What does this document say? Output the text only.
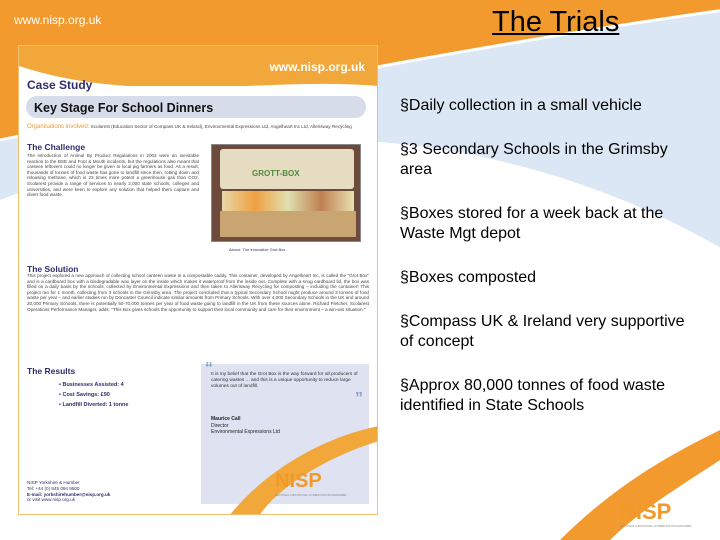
www.nisp.org.uk	The Trials
www.nisp.org.uk
Case Study
Key Stage For School Dinners
Organisations involved: Scolarest (Education Sector of Compass UK & Ireland), Environmental Expressions Ltd, Angelheart Inc Ltd, Allerisway Recycling
The Challenge
The introduction of Animal By Product Regulations in 2003 were an inevitable reaction to the BSE and Foot & Mouth incidents, but the regulations also meant that canteen leftovers could no longer be given to local pig farmers as food. As a result, thousands of tonnes of food waste has gone to landfill since then, rotting down and releasing methane, which is 23 times more potent a greenhouse gas than CO2. Scolarest provide a range of services to nearly 2,000 state schools, colleges and universities, and were keen to explore any solution that helped them capture and divert food waste.
GROTT-BOX
Above: The innovative Grot Box
The Solution
This project explored a new approach of collecting school canteen waste in a compostable caddy. This container, developed by Angelheart Inc, is called the "Grot Box" and is a cardboard box with a biodegradable wax layer on the inside which makes it waterproof from the inside out. Complete with a snug cardboard lid, the box was filled on a daily basis by the schools, collected by Environmental Expressions and then taken to Allerisway Recycling for composting – including the container! This project ran for 1 month, collecting from 3 schools in the Grimsby area. The project concluded that a typical Secondary School might produce around 3 tonnes of food waste per year – and earlier studies run by Doncaster Council indicate similar amounts from Primary Schools. With over 4,000 Secondary Schools in the UK and around 20,000 Primary Schools, there is potentially 50-70,000 tonnes per year of food waste going to landfill in the UK from these sources alone. Richard Fletcher, Scolarest Operations Performance Manager, adds: "This Box gives schools the opportunity to support their local community and care for their environment – a win-win situation."
The Results
• Businesses Assisted: 4
• Cost Savings: £90
• Landfill Diverted: 1 tonne
“
It is my belief that the Grot Box is the way forward for all producers of catering wastes ... and this is a unique opportunity to reduce large volumes out of landfill.
”
Maurice Call
Director
Environmental Expressions Ltd
NISP Yorkshire & Humber
Tel: +44 (0) 845 094 9500
E-mail: yorkshirehumber@nisp.org.uk
or visit www.nisp.org.uk
NISP
NATIONAL INDUSTRIAL SYMBIOSIS PROGRAMME
§Daily collection in a small vehicle
§3 Secondary Schools in the Grimsby area
§Boxes stored for a week back at the Waste Mgt depot
§Boxes composted
§Compass UK & Ireland very supportive of concept
§Approx 80,000 tonnes of food waste identified in State Schools
NISP
NATIONAL INDUSTRIAL SYMBIOSIS PROGRAMME
